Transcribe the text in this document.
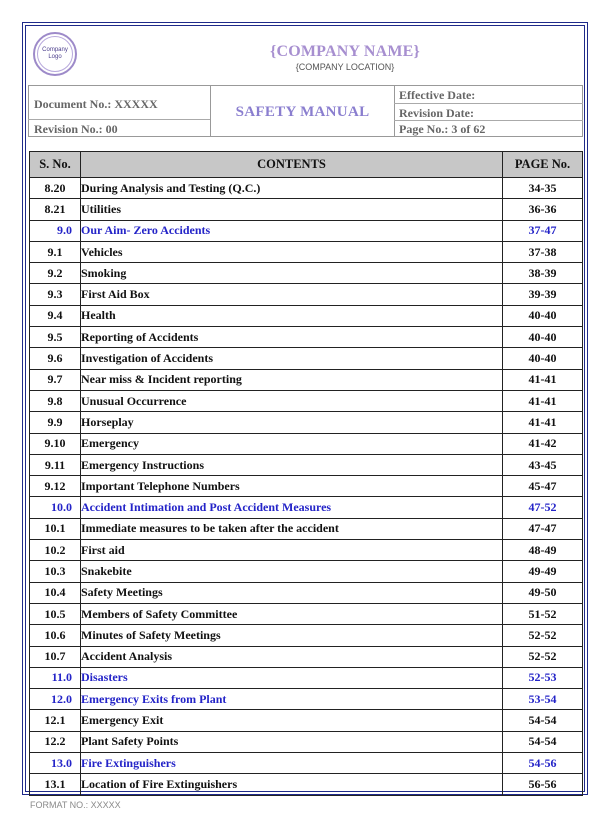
Company Logo	{COMPANY NAME}
{COMPANY LOCATION}
Document No.: XXXXX
Revision No.: 00
SAFETY MANUAL
Effective Date:
Revision Date:
Page No.: 3 of 62
S. No.	CONTENTS	PAGE No.
8.20	During Analysis and Testing (Q.C.)	34-35
8.21	Utilities	36-36
9.0	Our Aim- Zero Accidents	37-47
9.1	Vehicles	37-38
9.2	Smoking	38-39
9.3	First Aid Box	39-39
9.4	Health	40-40
9.5	Reporting of Accidents	40-40
9.6	Investigation of Accidents	40-40
9.7	Near miss & Incident reporting	41-41
9.8	Unusual Occurrence	41-41
9.9	Horseplay	41-41
9.10	Emergency	41-42
9.11	Emergency Instructions	43-45
9.12	Important Telephone Numbers	45-47
10.0	Accident Intimation and Post Accident Measures	47-52
10.1	Immediate measures to be taken after the accident	47-47
10.2	First aid	48-49
10.3	Snakebite	49-49
10.4	Safety Meetings	49-50
10.5	Members of Safety Committee	51-52
10.6	Minutes of Safety Meetings	52-52
10.7	Accident Analysis	52-52
11.0	Disasters	52-53
12.0	Emergency Exits from Plant	53-54
12.1	Emergency Exit	54-54
12.2	Plant Safety Points	54-54
13.0	Fire Extinguishers	54-56
13.1	Location of Fire Extinguishers	56-56
FORMAT NO.: XXXXX
